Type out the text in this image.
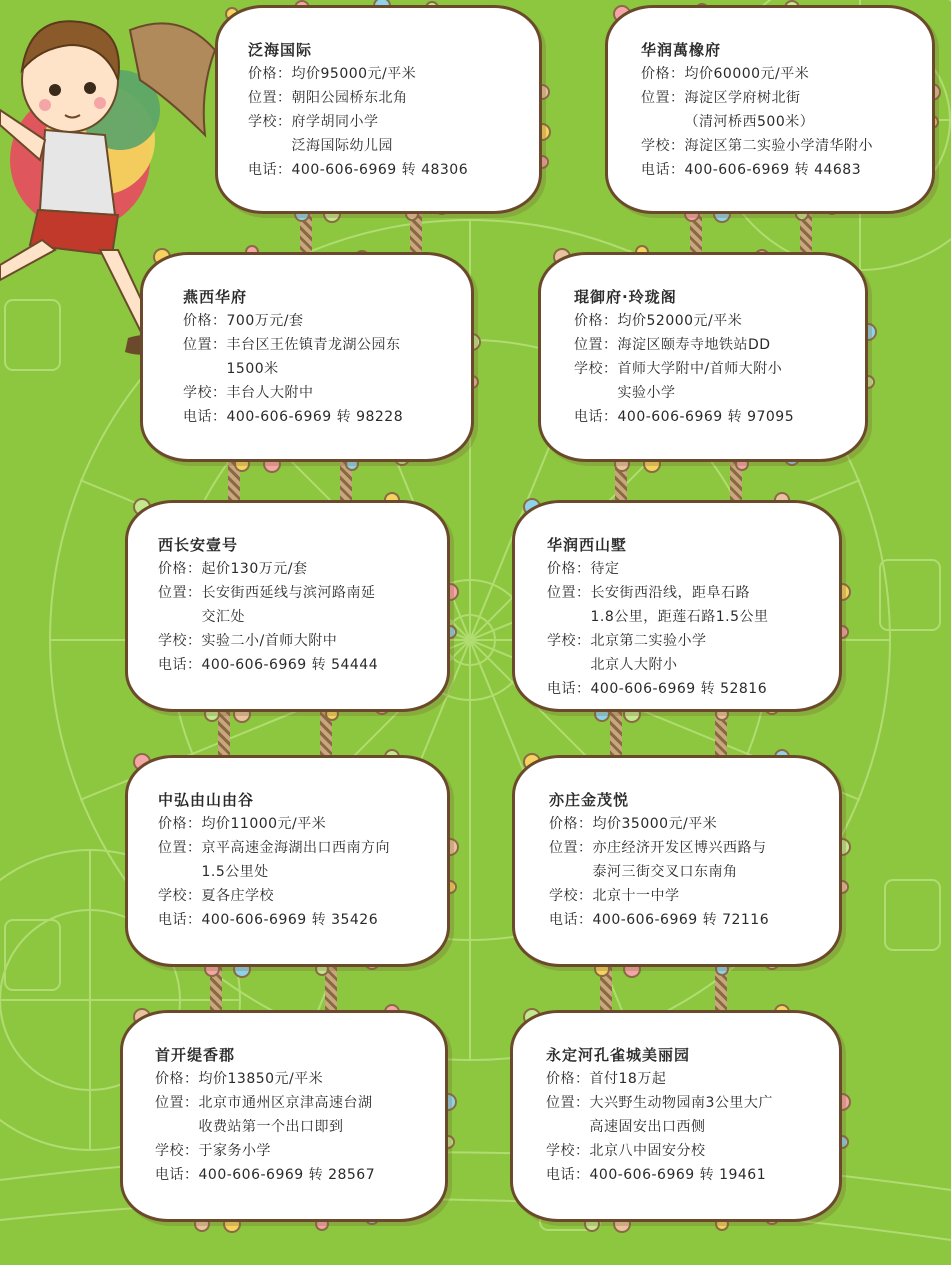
泛海国际
价格： 均价95000元/平米
位置： 朝阳公园桥东北角
学校： 府学胡同小学
泛海国际幼儿园
电话： 400-606-6969 转 48306
华润萬橡府
价格： 均价60000元/平米
位置： 海淀区学府树北街
（清河桥西500米）
学校： 海淀区第二实验小学清华附小
电话： 400-606-6969 转 44683
燕西华府
价格： 700万元/套
位置： 丰台区王佐镇青龙湖公园东
1500米
学校： 丰台人大附中
电话： 400-606-6969 转 98228
琨御府·玲珑阁
价格： 均价52000元/平米
位置： 海淀区颐寿寺地铁站DD
学校： 首师大学附中/首师大附小
实验小学
电话： 400-606-6969 转 97095
西长安壹号
价格： 起价130万元/套
位置： 长安街西延线与滨河路南延
交汇处
学校： 实验二小/首师大附中
电话： 400-606-6969 转 54444
华润西山墅
价格： 待定
位置： 长安街西沿线，距阜石路
1.8公里，距莲石路1.5公里
学校： 北京第二实验小学
北京人大附小
电话： 400-606-6969 转 52816
中弘由山由谷
价格： 均价11000元/平米
位置： 京平高速金海湖出口西南方向
1.5公里处
学校： 夏各庄学校
电话： 400-606-6969 转 35426
亦庄金茂悦
价格： 均价35000元/平米
位置： 亦庄经济开发区博兴西路与
泰河三街交叉口东南角
学校： 北京十一中学
电话： 400-606-6969 转 72116
首开缇香郡
价格： 均价13850元/平米
位置： 北京市通州区京津高速台湖
收费站第一个出口即到
学校： 于家务小学
电话： 400-606-6969 转 28567
永定河孔雀城美丽园
价格： 首付18万起
位置： 大兴野生动物园南3公里大广
高速固安出口西侧
学校： 北京八中固安分校
电话： 400-606-6969 转 19461
